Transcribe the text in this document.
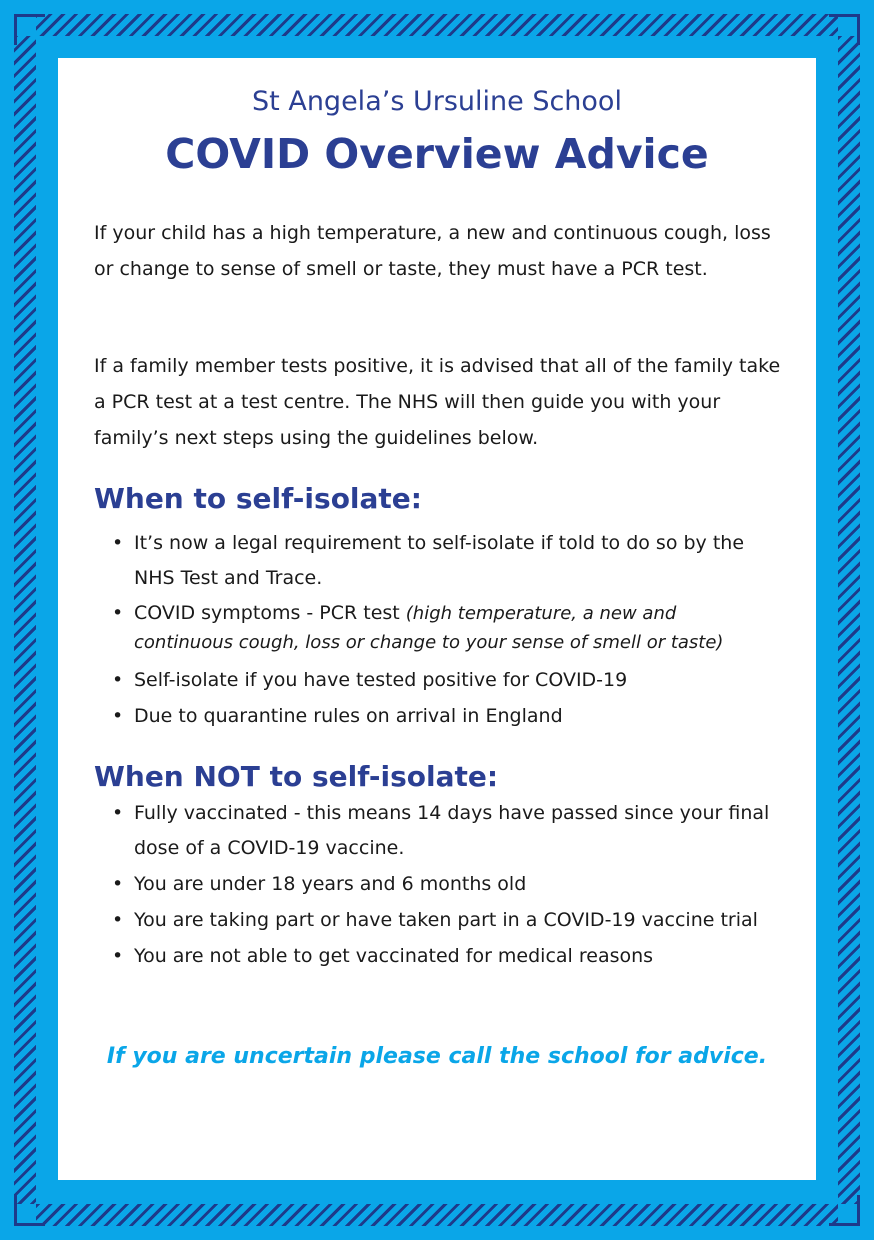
St Angela’s Ursuline School
COVID Overview Advice
If your child has a high temperature, a new and continuous cough, loss or change to sense of smell or taste, they must have a PCR test.
If a family member tests positive, it is advised that all of the family take a PCR test at a test centre. The NHS will then guide you with your family’s next steps using the guidelines below.
When to self-isolate:
• It’s now a legal requirement to self-isolate if told to do so by the NHS Test and Trace.
• COVID symptoms - PCR test (high temperature, a new and continuous cough, loss or change to your sense of smell or taste)
• Self-isolate if you have tested positive for COVID-19
• Due to quarantine rules on arrival in England
When NOT to self-isolate:
• Fully vaccinated - this means 14 days have passed since your final dose of a COVID-19 vaccine.
• You are under 18 years and 6 months old
• You are taking part or have taken part in a COVID-19 vaccine trial
• You are not able to get vaccinated for medical reasons
If you are uncertain please call the school for advice.
